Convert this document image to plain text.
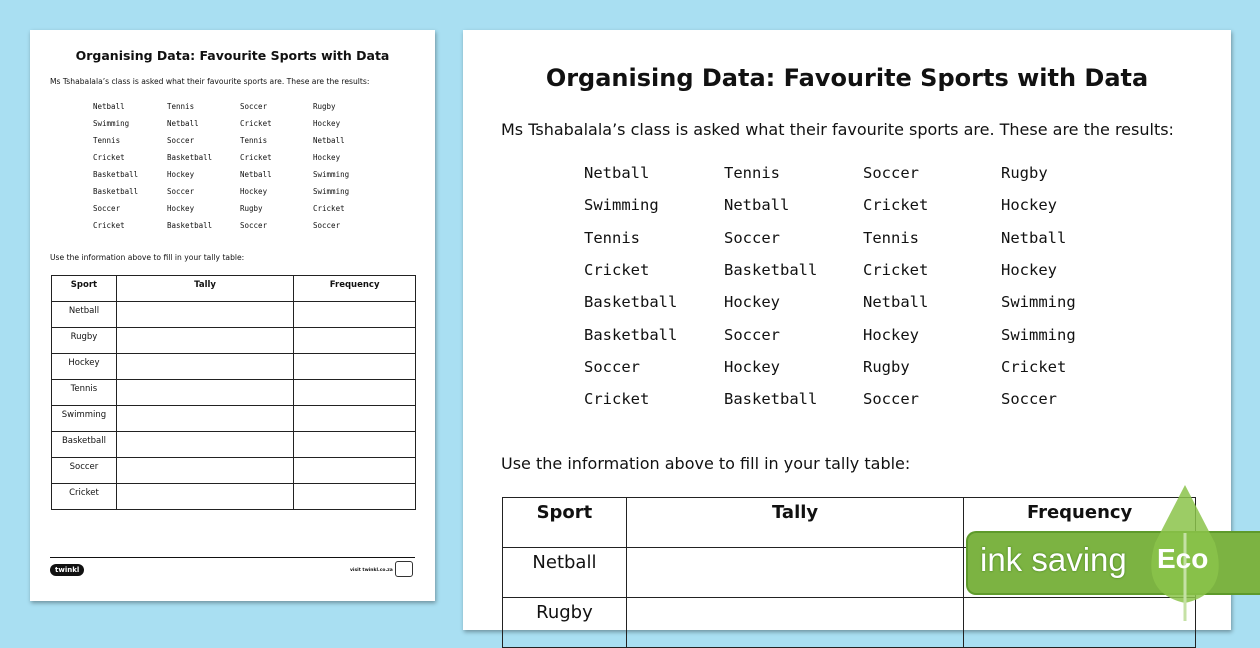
Organising Data: Favourite Sports with Data
Ms Tshabalala’s class is asked what their favourite sports are. These are the results:
Netball	Tennis	Soccer	Rugby
Swimming	Netball	Cricket	Hockey
Tennis	Soccer	Tennis	Netball
Cricket	Basketball	Cricket	Hockey
Basketball	Hockey	Netball	Swimming
Basketball	Soccer	Hockey	Swimming
Soccer	Hockey	Rugby	Cricket
Cricket	Basketball	Soccer	Soccer
Use the information above to fill in your tally table:
Sport	Tally	Frequency
Netball		
Rugby		
Hockey		
Tennis		
Swimming		
Basketball		
Soccer		
Cricket		
twinkl	visit twinkl.co.za
Organising Data: Favourite Sports with Data
Ms Tshabalala’s class is asked what their favourite sports are. These are the results:
Netball	Tennis	Soccer	Rugby
Swimming	Netball	Cricket	Hockey
Tennis	Soccer	Tennis	Netball
Cricket	Basketball	Cricket	Hockey
Basketball	Hockey	Netball	Swimming
Basketball	Soccer	Hockey	Swimming
Soccer	Hockey	Rugby	Cricket
Cricket	Basketball	Soccer	Soccer
Use the information above to fill in your tally table:
Sport	Tally	Frequency
Netball		
Rugby		
ink saving Eco
